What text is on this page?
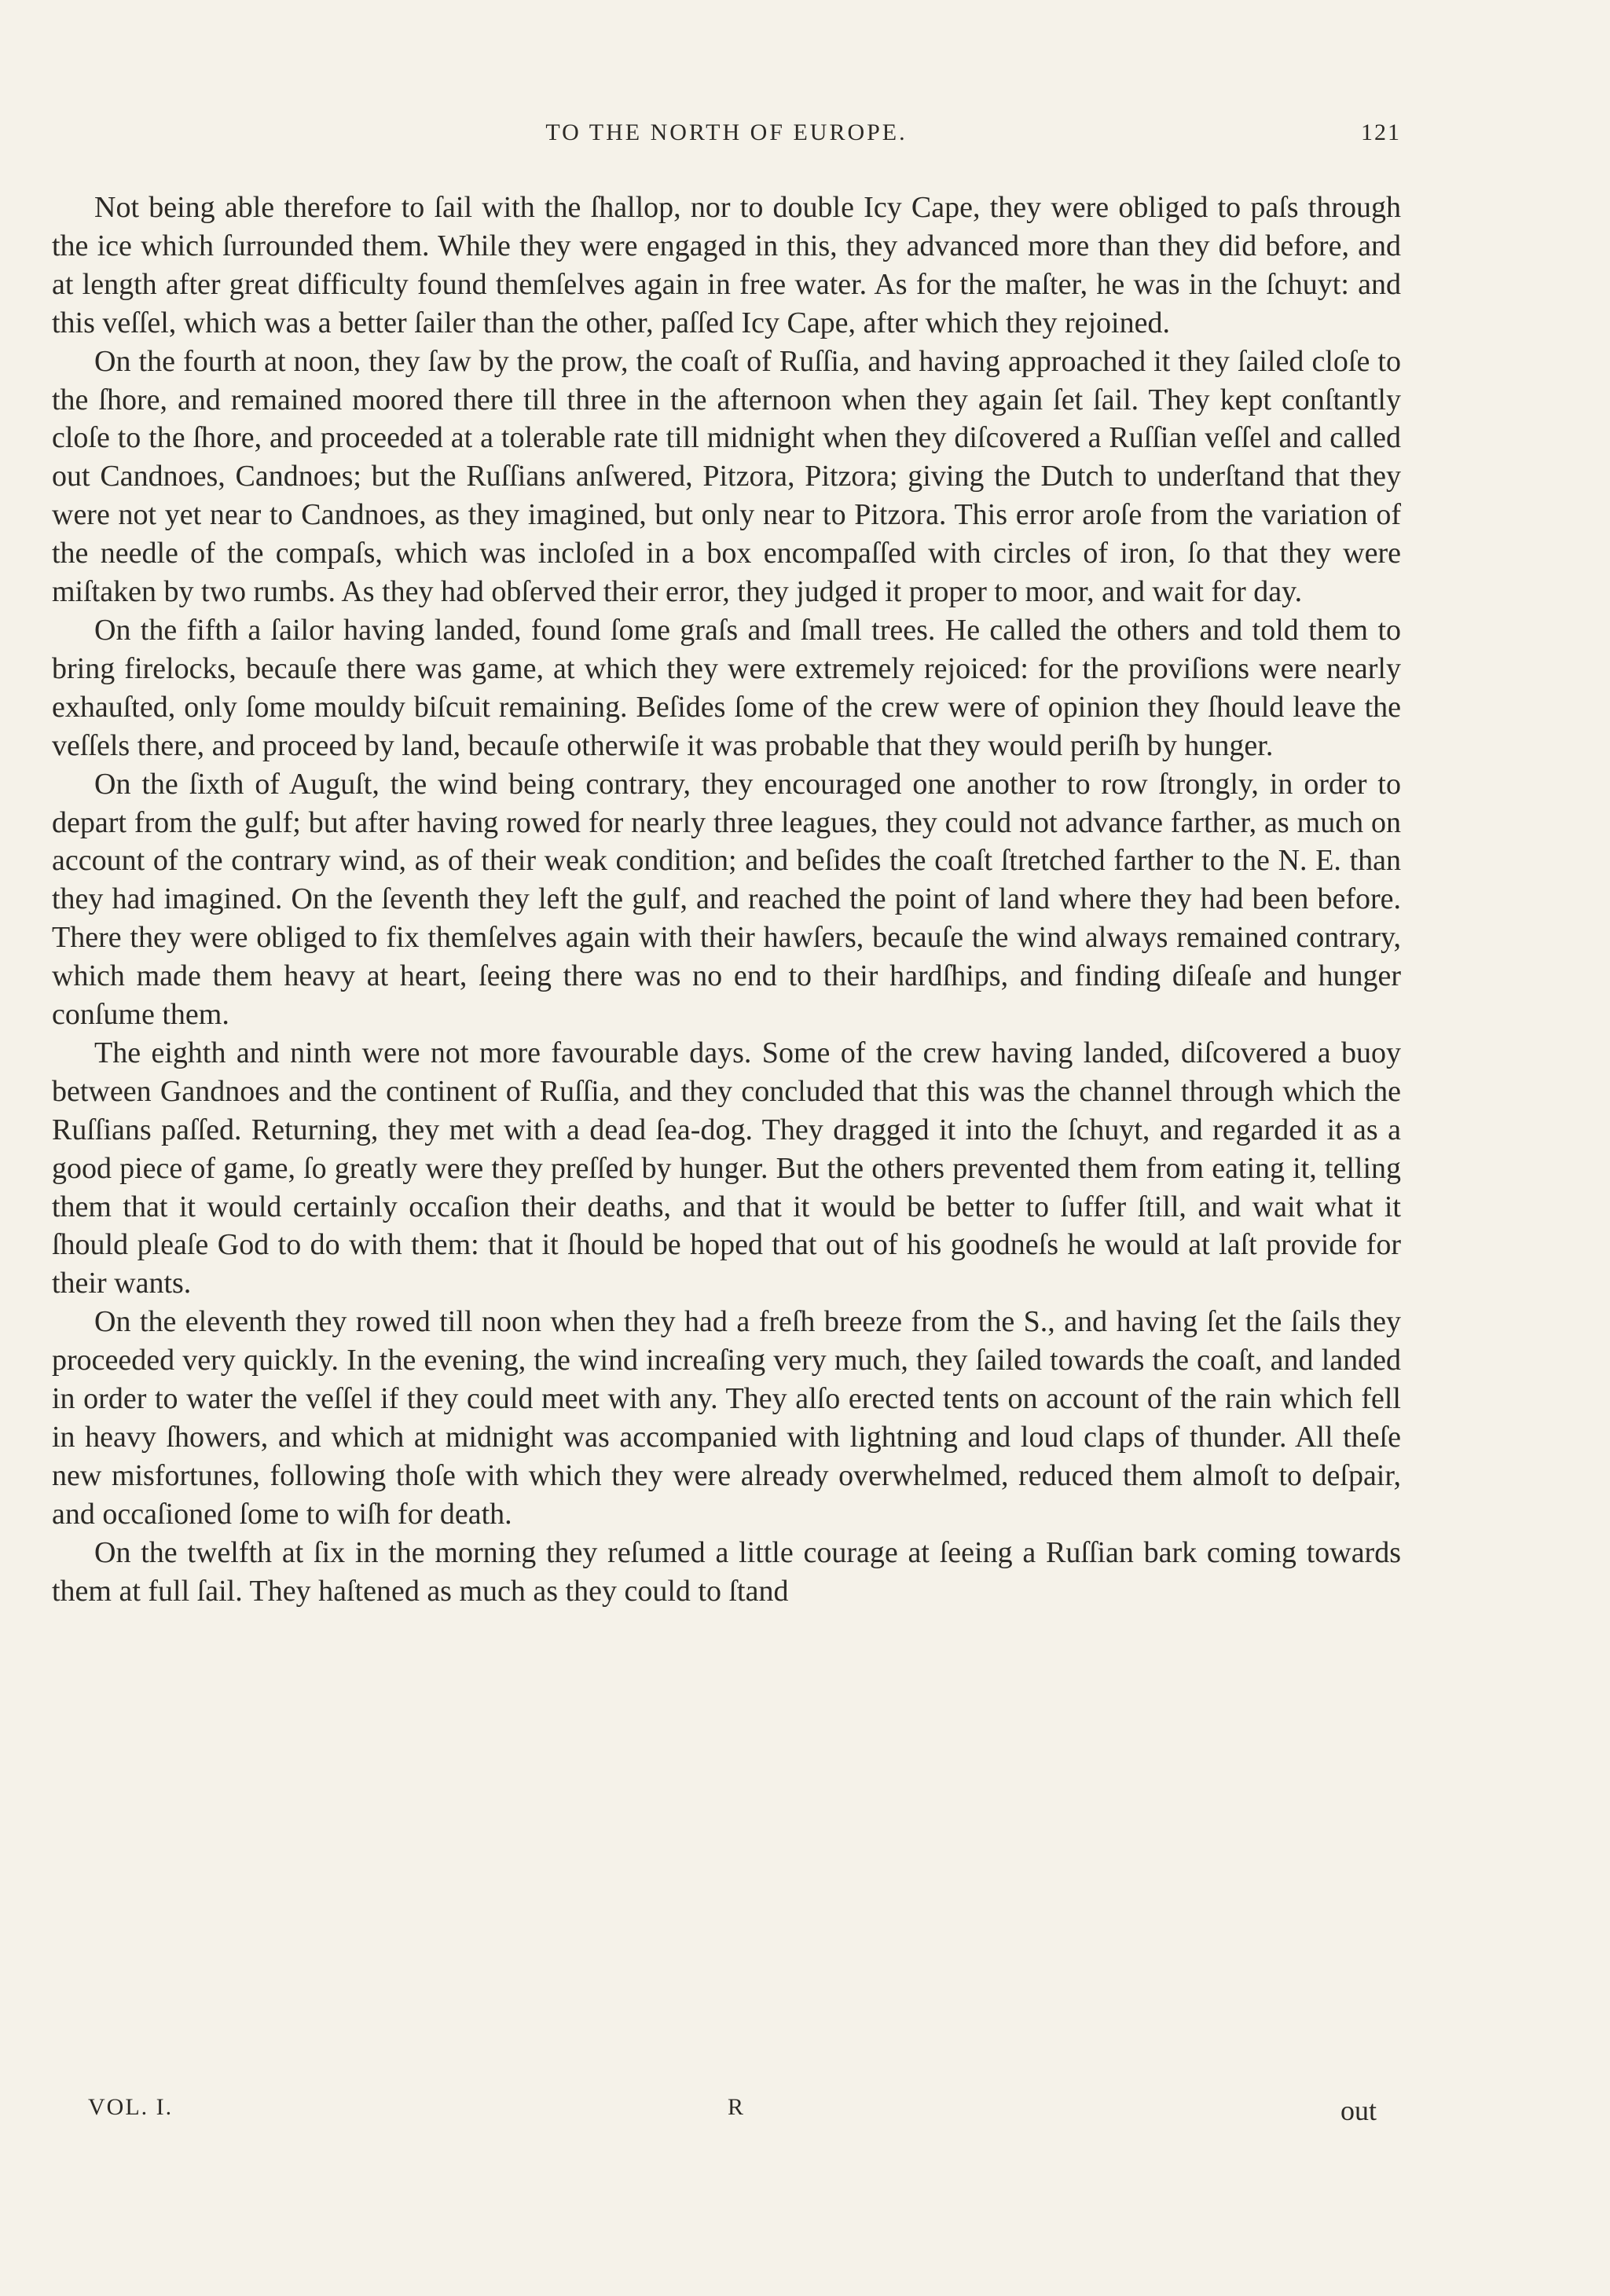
TO THE NORTH OF EUROPE.	121

Not being able therefore to ſail with the ſhallop, nor to double Icy Cape, they were obliged to paſs through the ice which ſurrounded them. While they were engaged in this, they advanced more than they did before, and at length after great difficulty found themſelves again in free water. As for the maſter, he was in the ſchuyt: and this veſſel, which was a better ſailer than the other, paſſed Icy Cape, after which they rejoined.

On the fourth at noon, they ſaw by the prow, the coaſt of Ruſſia, and having approached it they ſailed cloſe to the ſhore, and remained moored there till three in the afternoon when they again ſet ſail. They kept conſtantly cloſe to the ſhore, and proceeded at a tolerable rate till midnight when they diſcovered a Ruſſian veſſel and called out Candnoes, Candnoes; but the Ruſſians anſwered, Pitzora, Pitzora; giving the Dutch to underſtand that they were not yet near to Candnoes, as they imagined, but only near to Pitzora. This error aroſe from the variation of the needle of the compaſs, which was incloſed in a box encompaſſed with circles of iron, ſo that they were miſtaken by two rumbs. As they had obſerved their error, they judged it proper to moor, and wait for day.

On the fifth a ſailor having landed, found ſome graſs and ſmall trees. He called the others and told them to bring firelocks, becauſe there was game, at which they were extremely rejoiced: for the proviſions were nearly exhauſted, only ſome mouldy biſcuit remaining. Beſides ſome of the crew were of opinion they ſhould leave the veſſels there, and proceed by land, becauſe otherwiſe it was probable that they would periſh by hunger.

On the ſixth of Auguſt, the wind being contrary, they encouraged one another to row ſtrongly, in order to depart from the gulf; but after having rowed for nearly three leagues, they could not advance farther, as much on account of the contrary wind, as of their weak condition; and beſides the coaſt ſtretched farther to the N. E. than they had imagined. On the ſeventh they left the gulf, and reached the point of land where they had been before. There they were obliged to fix themſelves again with their hawſers, becauſe the wind always remained contrary, which made them heavy at heart, ſeeing there was no end to their hardſhips, and finding diſeaſe and hunger conſume them.

The eighth and ninth were not more favourable days. Some of the crew having landed, diſcovered a buoy between Gandnoes and the continent of Ruſſia, and they concluded that this was the channel through which the Ruſſians paſſed. Returning, they met with a dead ſea-dog. They dragged it into the ſchuyt, and regarded it as a good piece of game, ſo greatly were they preſſed by hunger. But the others prevented them from eating it, telling them that it would certainly occaſion their deaths, and that it would be better to ſuffer ſtill, and wait what it ſhould pleaſe God to do with them: that it ſhould be hoped that out of his goodneſs he would at laſt provide for their wants.

On the eleventh they rowed till noon when they had a freſh breeze from the S., and having ſet the ſails they proceeded very quickly. In the evening, the wind increaſing very much, they ſailed towards the coaſt, and landed in order to water the veſſel if they could meet with any. They alſo erected tents on account of the rain which fell in heavy ſhowers, and which at midnight was accompanied with lightning and loud claps of thunder. All theſe new misfortunes, following thoſe with which they were already overwhelmed, reduced them almoſt to deſpair, and occaſioned ſome to wiſh for death.

On the twelfth at ſix in the morning they reſumed a little courage at ſeeing a Ruſſian bark coming towards them at full ſail. They haſtened as much as they could to ſtand

VOL. I.	R	out
